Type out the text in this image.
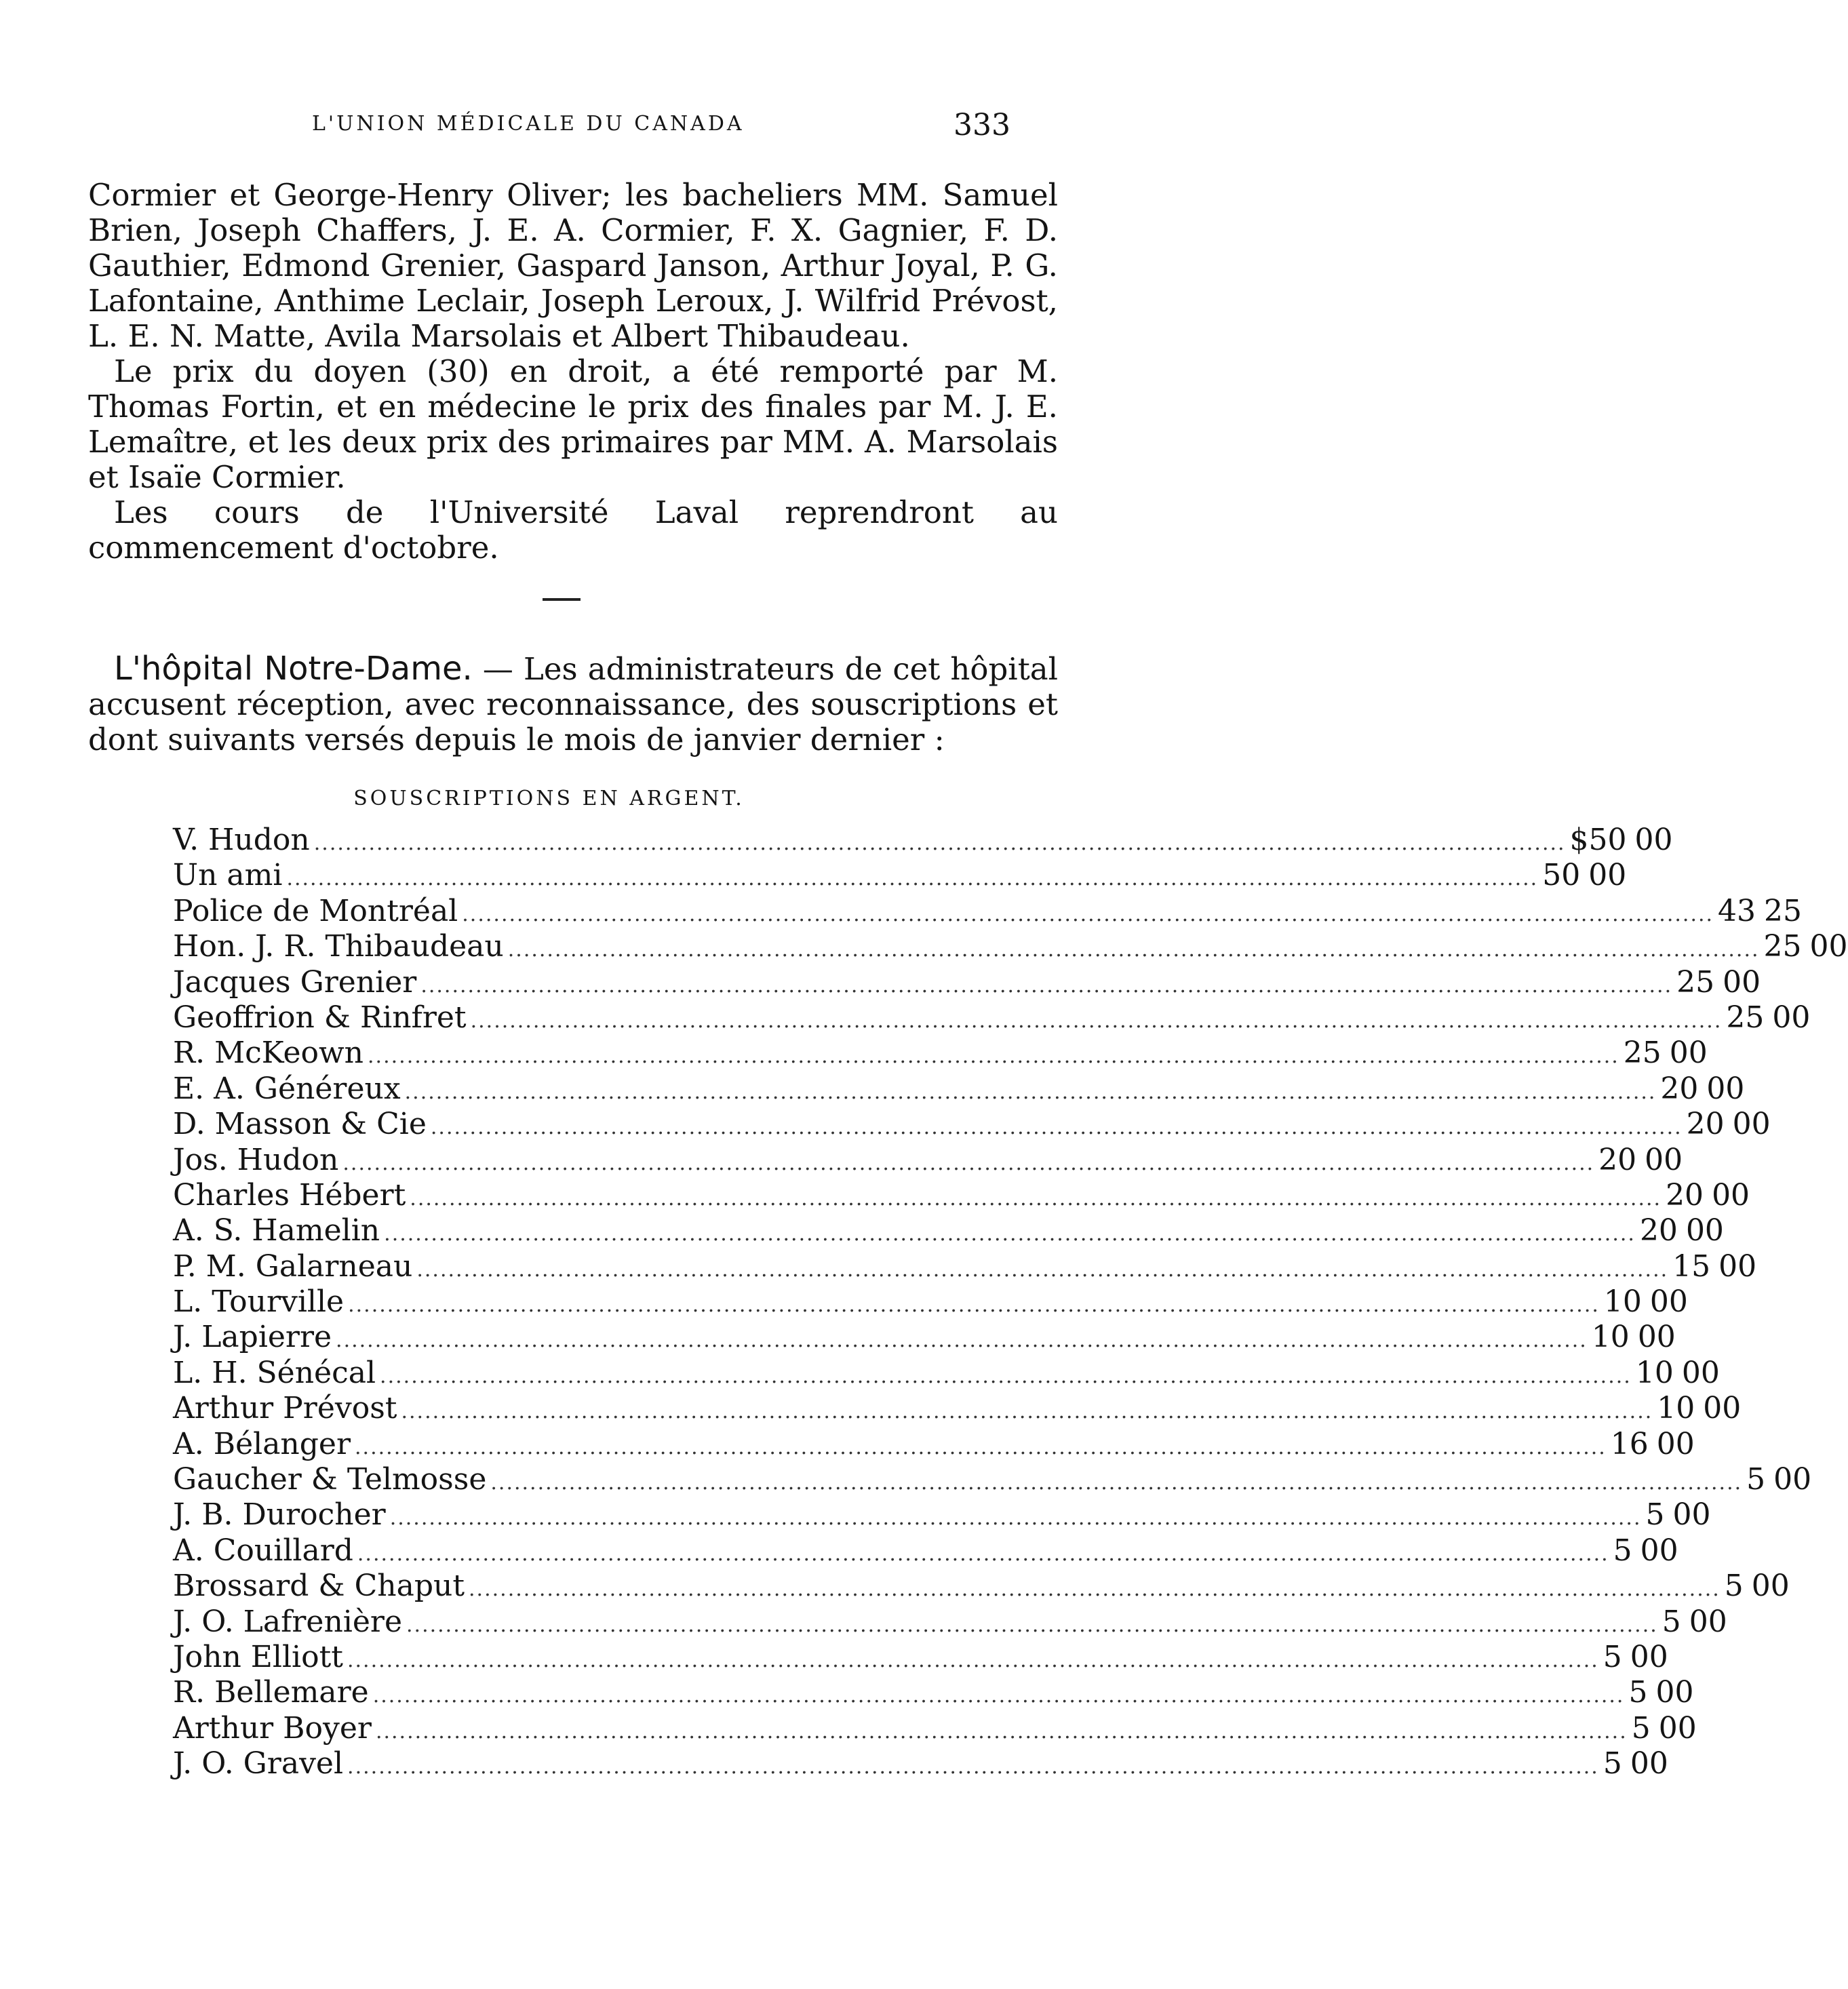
L'UNION MÉDICALE DU CANADA	333

Cormier et George-Henry Oliver; les bacheliers MM. Samuel Brien, Joseph Chaffers, J. E. A. Cormier, F. X. Gagnier, F. D. Gauthier, Edmond Grenier, Gaspard Janson, Arthur Joyal, P. G. Lafontaine, Anthime Leclair, Joseph Leroux, J. Wilfrid Prévost, L. E. N. Matte, Avila Marsolais et Albert Thibaudeau.

Le prix du doyen (30) en droit, a été remporté par M. Thomas Fortin, et en médecine le prix des finales par M. J. E. Lemaître, et les deux prix des primaires par MM. A. Marsolais et Isaïe Cormier.

Les cours de l'Université Laval reprendront au commencement d'octobre.

L'hôpital Notre-Dame. — Les administrateurs de cet hôpital accusent réception, avec reconnaissance, des souscriptions et dont suivants versés depuis le mois de janvier dernier :
SOUSCRIPTIONS EN ARGENT.
V. Hudon ................................................................................................................................................................ $50 00
Un ami ................................................................................................................................................................ 50 00
Police de Montréal ................................................................................................................................................................ 43 25
Hon. J. R. Thibaudeau ................................................................................................................................................................ 25 00
Jacques Grenier ................................................................................................................................................................ 25 00
Geoffrion & Rinfret ................................................................................................................................................................ 25 00
R. McKeown ................................................................................................................................................................ 25 00
E. A. Généreux ................................................................................................................................................................ 20 00
D. Masson & Cie ................................................................................................................................................................ 20 00
Jos. Hudon ................................................................................................................................................................ 20 00
Charles Hébert ................................................................................................................................................................ 20 00
A. S. Hamelin ................................................................................................................................................................ 20 00
P. M. Galarneau ................................................................................................................................................................ 15 00
L. Tourville ................................................................................................................................................................ 10 00
J. Lapierre ................................................................................................................................................................ 10 00
L. H. Sénécal ................................................................................................................................................................ 10 00
Arthur Prévost ................................................................................................................................................................ 10 00
A. Bélanger ................................................................................................................................................................ 16 00
Gaucher & Telmosse ................................................................................................................................................................ 5 00
J. B. Durocher ................................................................................................................................................................ 5 00
A. Couillard ................................................................................................................................................................ 5 00
Brossard & Chaput ................................................................................................................................................................ 5 00
J. O. Lafrenière ................................................................................................................................................................ 5 00
John Elliott ................................................................................................................................................................ 5 00
R. Bellemare ................................................................................................................................................................ 5 00
Arthur Boyer ................................................................................................................................................................ 5 00
J. O. Gravel ................................................................................................................................................................ 5 00
